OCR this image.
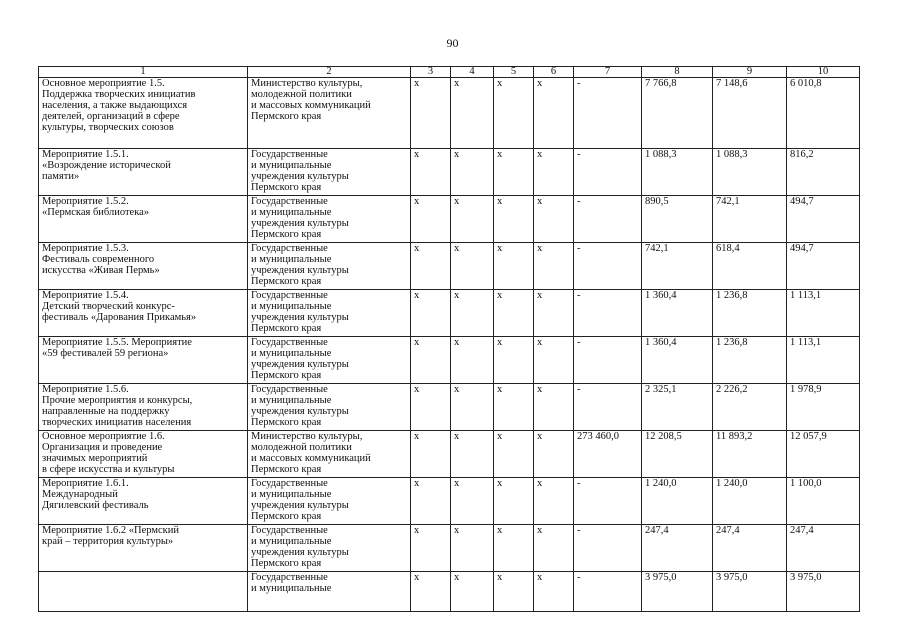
90
1	2	3	4	5	6	7	8	9	10
Основное мероприятие 1.5.
Поддержка творческих инициатив
населения, а также выдающихся
деятелей, организаций в сфере
культуры, творческих союзов	Министерство культуры,
молодежной политики
и массовых коммуникаций
Пермского края	х	х	х	х	-	7 766,8	7 148,6	6 010,8
Мероприятие 1.5.1.
«Возрождение исторической
памяти»	Государственные
и муниципальные
учреждения культуры
Пермского края	х	х	х	х	-	1 088,3	1 088,3	816,2
Мероприятие 1.5.2.
«Пермская библиотека»	Государственные
и муниципальные
учреждения культуры
Пермского края	х	х	х	х	-	890,5	742,1	494,7
Мероприятие 1.5.3.
Фестиваль современного
искусства «Живая Пермь»	Государственные
и муниципальные
учреждения культуры
Пермского края	х	х	х	х	-	742,1	618,4	494,7
Мероприятие 1.5.4.
Детский творческий конкурс-
фестиваль «Дарования Прикамья»	Государственные
и муниципальные
учреждения культуры
Пермского края	х	х	х	х	-	1 360,4	1 236,8	1 113,1
Мероприятие 1.5.5. Мероприятие
«59 фестивалей 59 региона»	Государственные
и муниципальные
учреждения культуры
Пермского края	х	х	х	х	-	1 360,4	1 236,8	1 113,1
Мероприятие 1.5.6.
Прочие мероприятия и конкурсы,
направленные на поддержку
творческих инициатив населения	Государственные
и муниципальные
учреждения культуры
Пермского края	х	х	х	х	-	2 325,1	2 226,2	1 978,9
Основное мероприятие 1.6.
Организация и проведение
значимых мероприятий
в сфере искусства и культуры	Министерство культуры,
молодежной политики
и массовых коммуникаций
Пермского края	х	х	х	х	273 460,0	12 208,5	11 893,2	12 057,9
Мероприятие 1.6.1.
Международный
Дягилевский фестиваль	Государственные
и муниципальные
учреждения культуры
Пермского края	х	х	х	х	-	1 240,0	1 240,0	1 100,0
Мероприятие 1.6.2 «Пермский
край – территория культуры»	Государственные
и муниципальные
учреждения культуры
Пермского края	х	х	х	х	-	247,4	247,4	247,4
	Государственные
и муниципальные	х	х	х	х	-	3 975,0	3 975,0	3 975,0
